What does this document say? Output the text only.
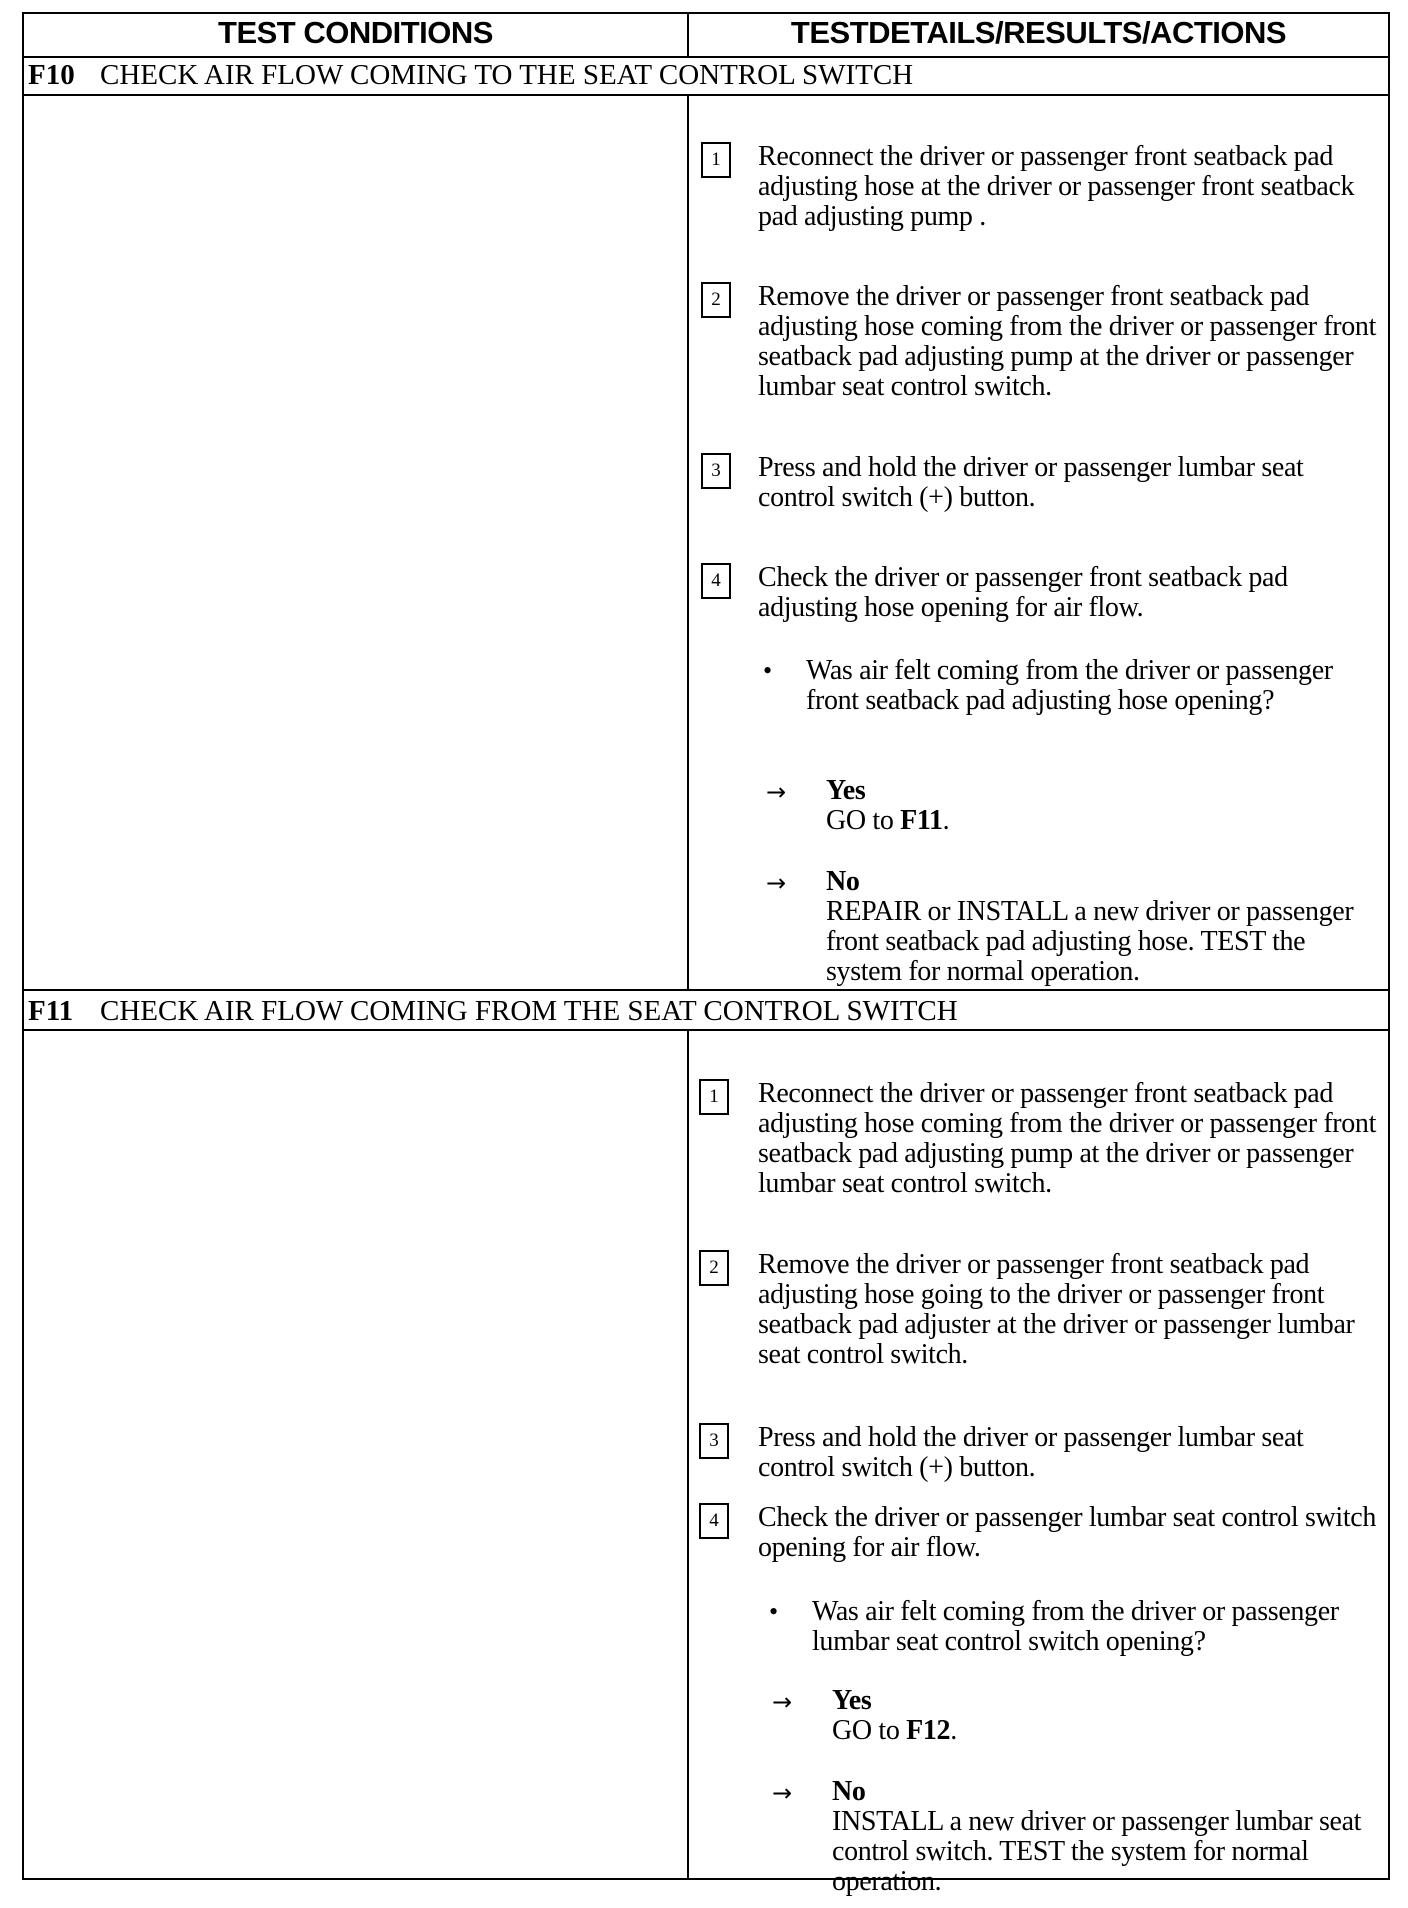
TEST CONDITIONS	TESTDETAILS/RESULTS/ACTIONS
F10 CHECK AIR FLOW COMING TO THE SEAT CONTROL SWITCH
1	Reconnect the driver or passenger front seatback pad adjusting hose at the driver or passenger front seatback pad adjusting pump .
2	Remove the driver or passenger front seatback pad adjusting hose coming from the driver or passenger front seatback pad adjusting pump at the driver or passenger lumbar seat control switch.
3	Press and hold the driver or passenger lumbar seat control switch (+) button.
4	Check the driver or passenger front seatback pad adjusting hose opening for air flow.
• Was air felt coming from the driver or passenger front seatback pad adjusting hose opening?
→ Yes
GO to F11.
→ No
REPAIR or INSTALL a new driver or passenger front seatback pad adjusting hose. TEST the system for normal operation.
F11 CHECK AIR FLOW COMING FROM THE SEAT CONTROL SWITCH
1	Reconnect the driver or passenger front seatback pad adjusting hose coming from the driver or passenger front seatback pad adjusting pump at the driver or passenger lumbar seat control switch.
2	Remove the driver or passenger front seatback pad adjusting hose going to the driver or passenger front seatback pad adjuster at the driver or passenger lumbar seat control switch.
3	Press and hold the driver or passenger lumbar seat control switch (+) button.
4	Check the driver or passenger lumbar seat control switch opening for air flow.
• Was air felt coming from the driver or passenger lumbar seat control switch opening?
→ Yes
GO to F12.
→ No
INSTALL a new driver or passenger lumbar seat control switch. TEST the system for normal operation.
